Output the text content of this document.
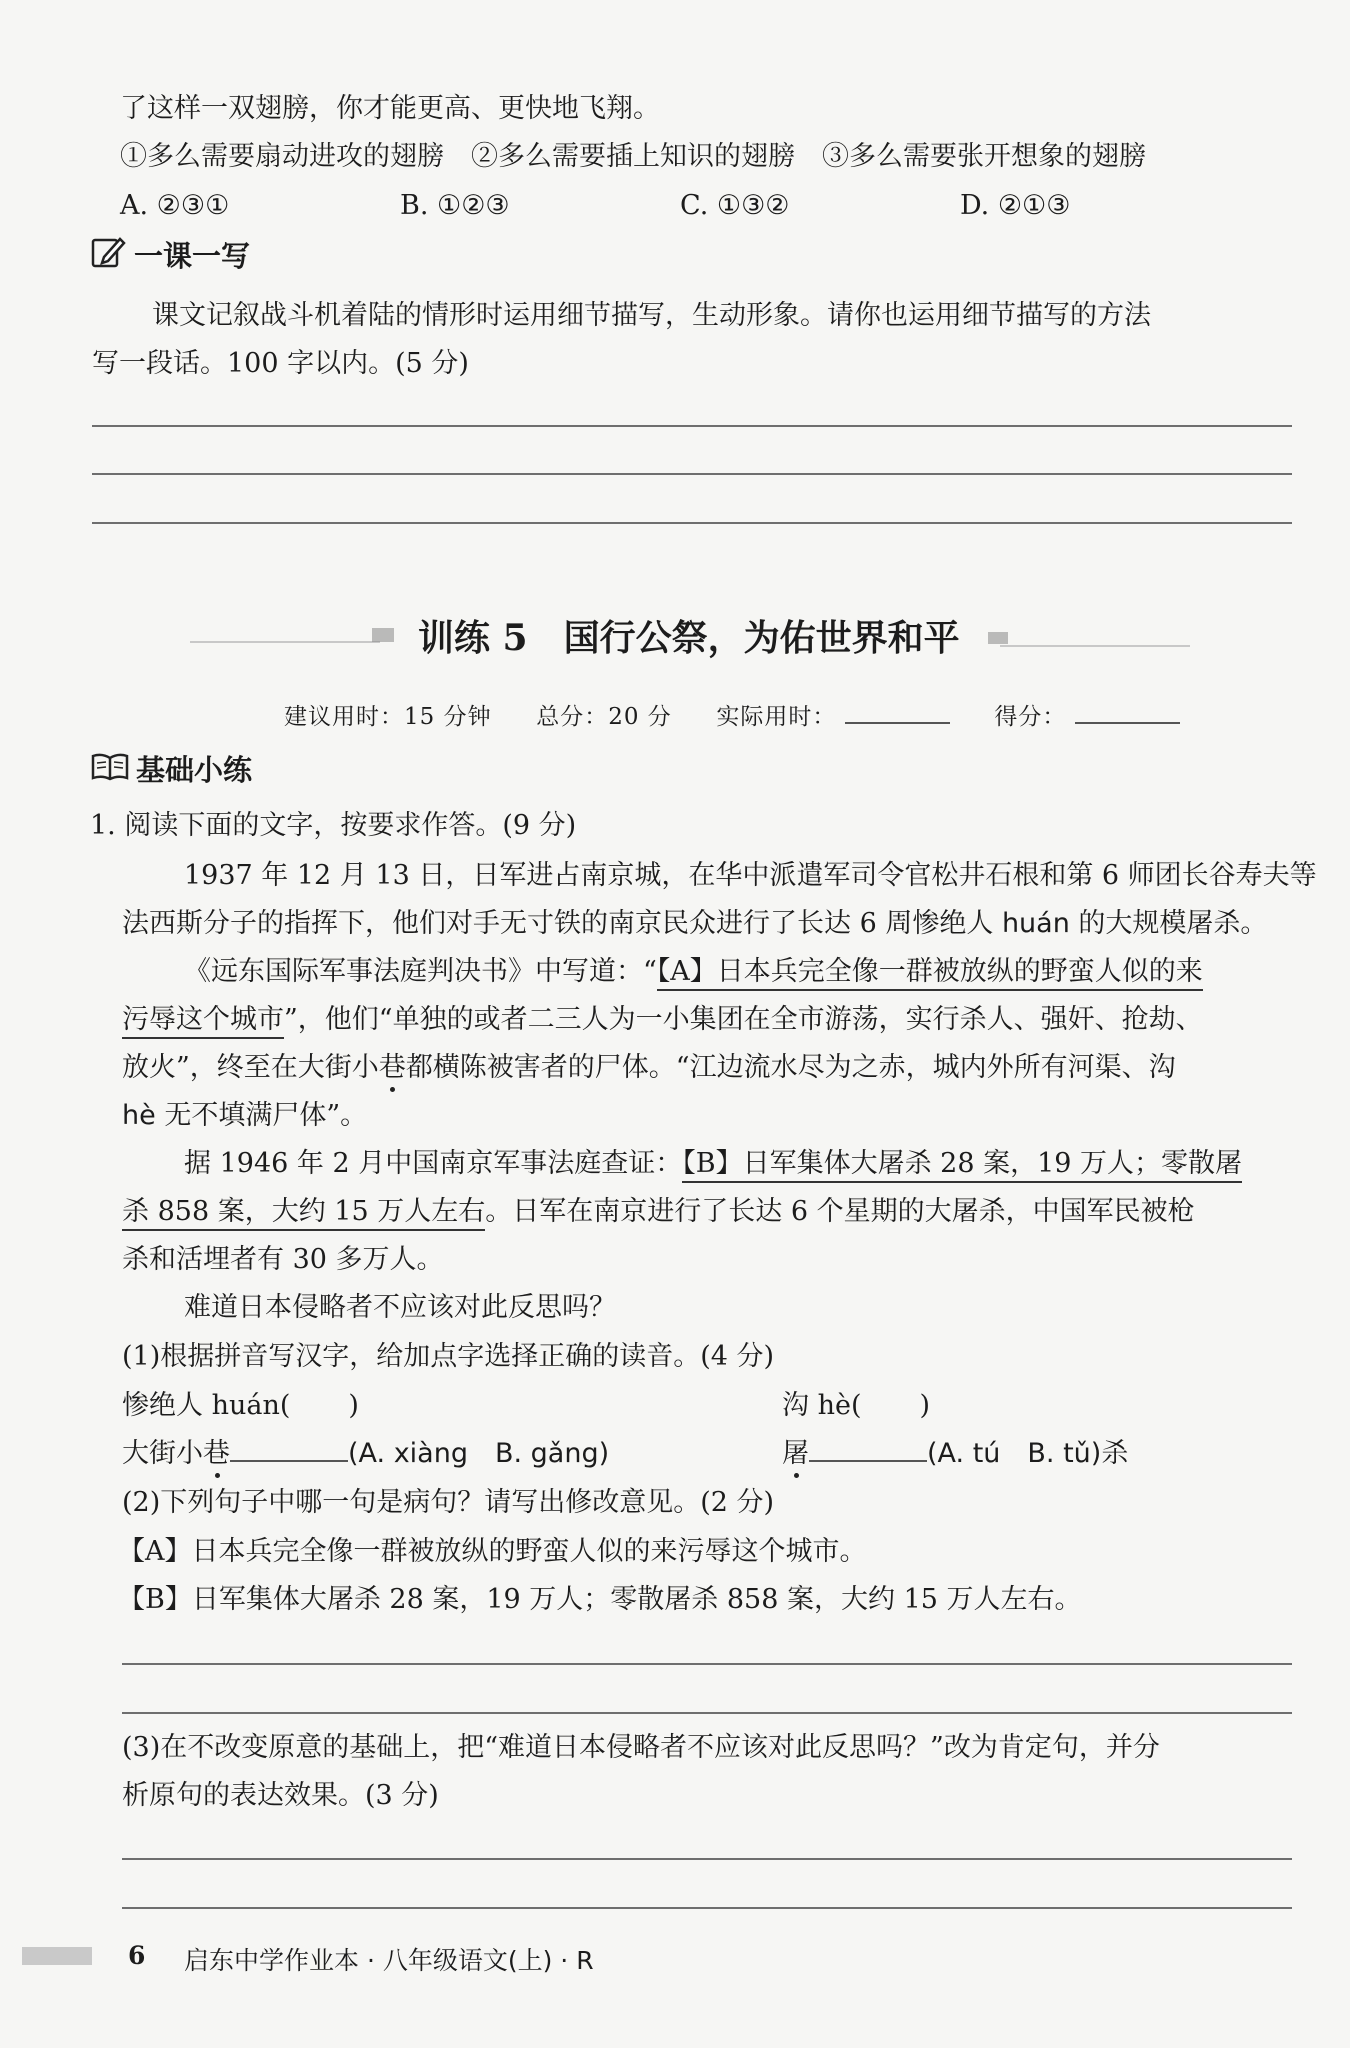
了这样一双翅膀，你才能更高、更快地飞翔。
①多么需要扇动进攻的翅膀　②多么需要插上知识的翅膀　③多么需要张开想象的翅膀
A. ②③①	B. ①②③	C. ①③②	D. ②①③
一课一写
课文记叙战斗机着陆的情形时运用细节描写，生动形象。请你也运用细节描写的方法
写一段话。100 字以内。(5 分)
训练 5　国行公祭，为佑世界和平
建议用时：15 分钟 总分：20 分 实际用时：	得分：
基础小练
1. 阅读下面的文字，按要求作答。(9 分)
1937 年 12 月 13 日，日军进占南京城，在华中派遣军司令官松井石根和第 6 师团长谷寿夫等
法西斯分子的指挥下，他们对手无寸铁的南京民众进行了长达 6 周惨绝人 huán 的大规模屠杀。
《远东国际军事法庭判决书》中写道：“【A】日本兵完全像一群被放纵的野蛮人似的来
污辱这个城市”，他们“单独的或者二三人为一小集团在全市游荡，实行杀人、强奸、抢劫、
放火”，终至在大街小巷都横陈被害者的尸体。“江边流水尽为之赤，城内外所有河渠、沟
hè 无不填满尸体”。
据 1946 年 2 月中国南京军事法庭查证：【B】日军集体大屠杀 28 案，19 万人；零散屠
杀 858 案，大约 15 万人左右。日军在南京进行了长达 6 个星期的大屠杀，中国军民被枪
杀和活埋者有 30 多万人。
难道日本侵略者不应该对此反思吗？
(1)根据拼音写汉字，给加点字选择正确的读音。(4 分)
惨绝人 huán( )	沟 hè( )
大街小巷	(A. xiàng　B. gǎng)	屠	(A. tú　B. tǔ)杀
(2)下列句子中哪一句是病句？请写出修改意见。(2 分)
【A】日本兵完全像一群被放纵的野蛮人似的来污辱这个城市。
【B】日军集体大屠杀 28 案，19 万人；零散屠杀 858 案，大约 15 万人左右。
(3)在不改变原意的基础上，把“难道日本侵略者不应该对此反思吗？”改为肯定句，并分
析原句的表达效果。(3 分)
6 启东中学作业本 · 八年级语文(上) · R
